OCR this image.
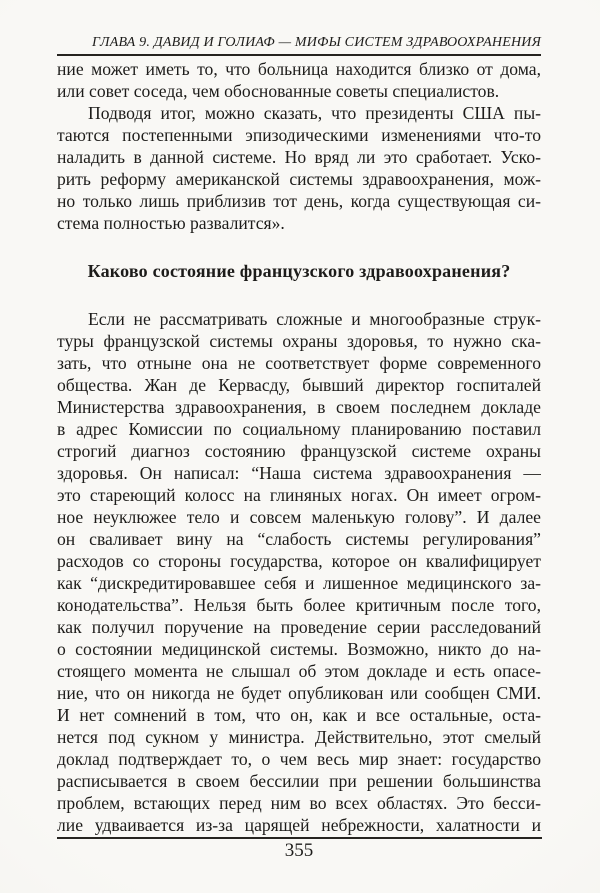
ГЛАВА 9. ДАВИД И ГОЛИАФ — МИФЫ СИСТЕМ ЗДРАВООХРАНЕНИЯ
ние может иметь то, что больница находится близко от дома,
или совет соседа, чем обоснованные советы специалистов.
Подводя итог, можно сказать, что президенты США пы-
таются постепенными эпизодическими изменениями что-то
наладить в данной системе. Но вряд ли это сработает. Уско-
рить реформу американской системы здравоохранения, мож-
но только лишь приблизив тот день, когда существующая си-
стема полностью развалится».
Каково состояние французского здравоохранения?
Если не рассматривать сложные и многообразные струк-
туры французской системы охраны здоровья, то нужно ска-
зать, что отныне она не соответствует форме современного
общества. Жан де Кервасду, бывший директор госпиталей
Министерства здравоохранения, в своем последнем докладе
в адрес Комиссии по социальному планированию поставил
строгий диагноз состоянию французской системе охраны
здоровья. Он написал: “Наша система здравоохранения —
это стареющий колосс на глиняных ногах. Он имеет огром-
ное неуклюжее тело и совсем маленькую голову”. И далее
он сваливает вину на “слабость системы регулирования”
расходов со стороны государства, которое он квалифицирует
как “дискредитировавшее себя и лишенное медицинского за-
конодательства”. Нельзя быть более критичным после того,
как получил поручение на проведение серии расследований
о состоянии медицинской системы. Возможно, никто до на-
стоящего момента не слышал об этом докладе и есть опасе-
ние, что он никогда не будет опубликован или сообщен СМИ.
И нет сомнений в том, что он, как и все остальные, оста-
нется под сукном у министра. Действительно, этот смелый
доклад подтверждает то, о чем весь мир знает: государство
расписывается в своем бессилии при решении большинства
проблем, встающих перед ним во всех областях. Это бесси-
лие удваивается из-за царящей небрежности, халатности и
355
